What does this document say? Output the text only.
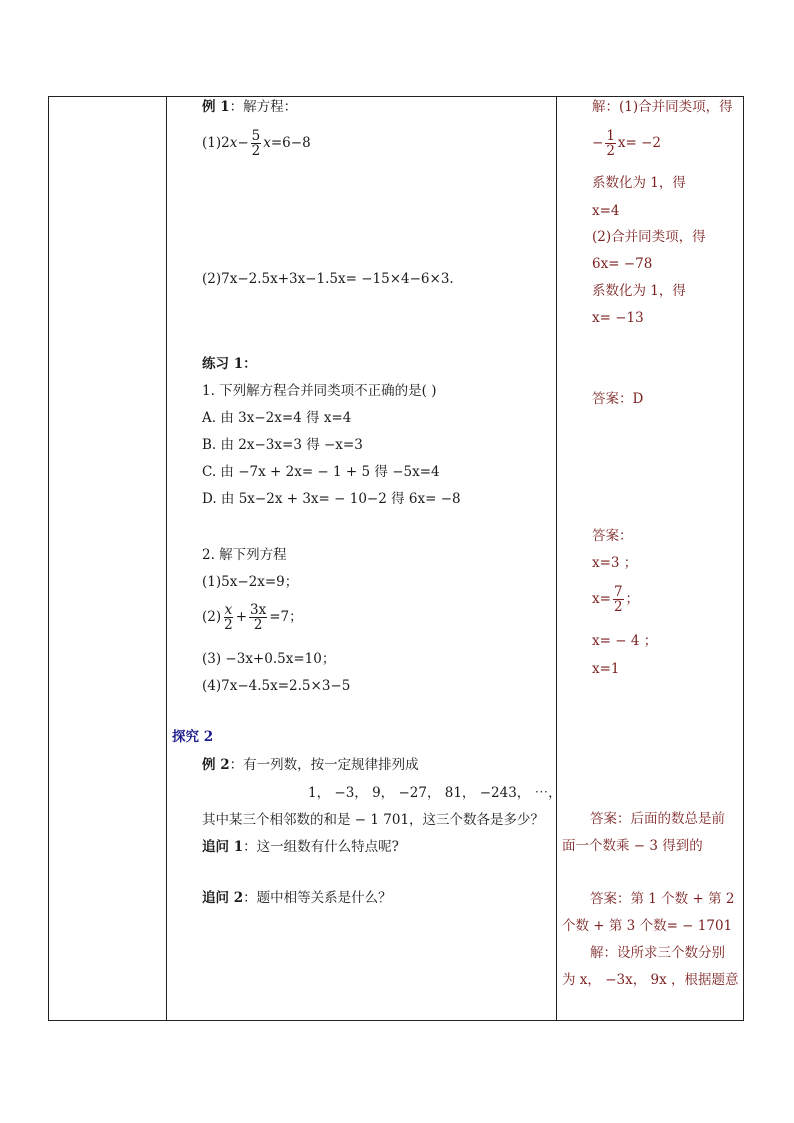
例 1：解方程：
$(1)2x- \frac{5}{2} x=6-8$
(2)7x−2.5x+3x−1.5x= −15×4−6×3.
练习 1：
1. 下列解方程合并同类项不正确的是( )
A. 由 3x−2x=4 得 x=4
B. 由 2x−3x=3 得 −x=3
C. 由 −7x + 2x= − 1 + 5 得 −5x=4
D. 由 5x−2x + 3x= − 10−2 得 6x= −8
2. 解下列方程
(1)5x−2x=9；
$(2) \frac{x}{2} + \frac{3x}{2} =7$；
(3) −3x+0.5x=10；
(4)7x−4.5x=2.5×3−5
探究 2
例 2：有一列数，按一定规律排列成
1， −3， 9， −27， 81， −243， ⋯，
其中某三个相邻数的和是 − 1 701，这三个数各是多少？
追问 1：这一组数有什么特点呢?
追问 2：题中相等关系是什么？
解：(1)合并同类项，得
− $\frac{1}{2} x= -2$
系数化为 1，得
x=4
(2)合并同类项，得
6x= −78
系数化为 1，得
x= −13
答案：D
答案：
x=3 ；
$x= \frac{7}{2}$ ；
x= − 4 ；
x=1
答案：后面的数总是前
面一个数乘 − 3 得到的
答案：第 1 个数 + 第 2
个数 + 第 3 个数= − 1701
解：设所求三个数分别
为 x， −3x， 9x ，根据题意
